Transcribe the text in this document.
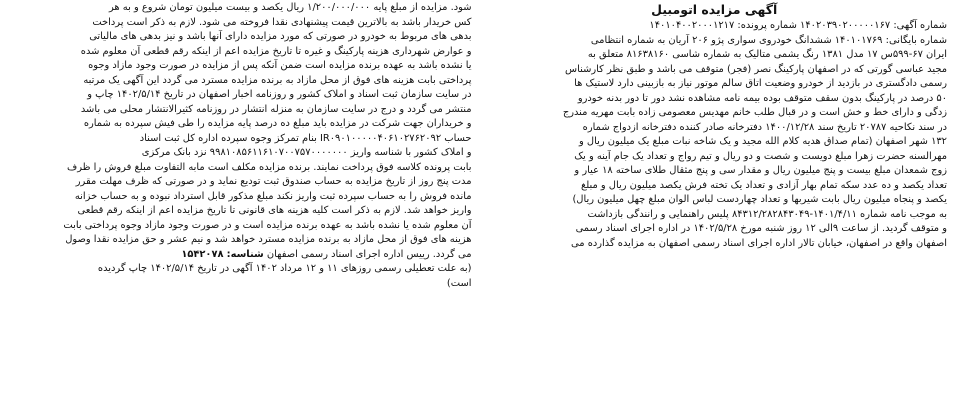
آگهی مزایده اتومبیل
شماره آگهی: ۱۴۰۲۰۳۹۰۲۰۰۰۰۰۱۶۷ شماره پرونده: ۱۴۰۱۰۴۰۰۲۰۰۰۱۲۱۷
شماره بایگانی: ۱۴۰۱۰۱۷۶۹ ششدانگ خودروی سواری پژو ۲۰۶ آریان به شماره انتظامی
ایران ۶۷-۵۹۹س ۱۷ مدل ۱۳۸۱ رنگ یشمی متالیک به شماره شاسی ۸۱۶۳۸۱۶۰ متعلق به
مجید عباسی گورتی که در اصفهان پارکینگ نصر (فجر) متوقف می باشد و طبق نظر کارشناس
رسمی دادگستری در بازدید از خودرو وضعیت اتاق سالم موتور نیاز به بازبینی دارد لاستیک ها
۵۰ درصد در پارکینگ بدون سقف متوقف بوده بیمه نامه مشاهده نشد دور تا دور بدنه خودرو
زدگی و دارای خط و خش است و در قبال طلب خانم مهدیس معصومی زاده بابت مهریه مندرج
در سند نکاحیه ۲۰۷۸۷ تاریخ سند ۱۴۰۰/۱۲/۲۸ دفترخانه صادر کننده دفترخانه ازدواج شماره
۱۳۲ شهر اصفهان (تمام صداق هدیه کلام الله مجید و یک شاخه نبات مبلغ یک میلیون ریال و
مهرالسنه حضرت زهرا مبلغ دویست و شصت و دو ریال و تیم رواج و تعداد یک جام آینه و یک
زوج شمعدان مبلغ بیست و پنج میلیون ریال و مقدار سی و پنج مثقال طلای ساخته ۱۸ عیار و
تعداد یکصد و ده عدد سکه تمام بهار آزادی و تعداد یک تخته فرش یکصد میلیون ریال و مبلغ
یکصد و پنجاه میلیون ریال بابت شیربها و تعداد چهاردست لباس الوان مبلغ چهل میلیون ریال)
به موجب نامه شماره ۱۴۰۱/۴/۱۱-۸۴۳۱۲/۲۸۲۸۴۳۰۴۹ پلیس راهنمایی و رانندگی بازداشت
و متوقف گردید. از ساعت ۹الی ۱۲ روز شنبه مورخ ۱۴۰۲/۵/۲۸ در اداره اجرای اسناد رسمی
اصفهان واقع در اصفهان، خیابان تالار اداره اجرای اسناد رسمی اصفهان به مزایده گذارده می
شود. مزایده از مبلغ پایه ۱/۲۰۰/۰۰۰/۰۰۰ ریال یکصد و بیست میلیون تومان شروع و به هر
کس خریدار باشد به بالاترین قیمت پیشنهادی نقدا فروخته می شود. لازم به ذکر است پرداخت
بدهی های مربوط به خودرو در صورتی که مورد مزایده دارای آنها باشد و نیز بدهی های مالیاتی
و عوارض شهرداری هزینه پارکینگ و غیره تا تاریخ مزایده اعم از اینکه رقم قطعی آن معلوم شده
یا نشده باشد به عهده برنده مزایده است ضمن آنکه پس از مزایده در صورت وجود مازاد وجوه
پرداختی بابت هزینه های فوق از محل مازاد به برنده مزایده مسترد می گردد این آگهی یک مرتبه
در سایت سازمان ثبت اسناد و املاک کشور و روزنامه اخبار اصفهان در تاریخ ۱۴۰۲/۵/۱۴ چاپ و
منتشر می گردد و درج در سایت سازمان به منزله انتشار در روزنامه کثیرالانتشار محلی می باشد
و خریداران جهت شرکت در مزایده باید مبلغ ده درصد پایه مزایده را طی فیش سپرده به شماره
حساب IR۰۹۰۱۰۰۰۰۰۴۰۶۱۰۲۷۶۲۰۹۲ بنام تمرکز وجوه سپرده اداره کل ثبت اسناد
و املاک کشور با شناسه واریز ۹۹۸۱۰۸۵۶۱۱۶۱۰۷۰۰۷۵۷۰۰۰۰۰۰۰ نزد بانک مرکزی
بابت پرونده کلاسه فوق پرداخت نمایند. برنده مزایده مکلف است مابه التفاوت مبلغ فروش را ظرف
مدت پنج روز از تاریخ مزایده به حساب صندوق ثبت تودیع نماید و در صورتی که ظرف مهلت مقرر
مانده فروش را به حساب سپرده ثبت واریز نکند مبلغ مذکور قابل استرداد نبوده و به حساب خزانه
واریز خواهد شد. لازم به ذکر است کلیه هزینه های قانونی تا تاریخ مزایده اعم از اینکه رقم قطعی
آن معلوم شده یا نشده باشد به عهده برنده مزایده است و در صورت وجود مازاد وجوه پرداختی بابت
هزینه های فوق از محل مازاد به برنده مزایده مسترد خواهد شد و نیم عشر و حق مزایده نقدا وصول
می گردد. رییس اداره اجرای اسناد رسمی اصفهان شناسه: ۱۵۴۲۰۷۸
(به علت تعطیلی رسمی روزهای ۱۱ و ۱۲ مرداد ۱۴۰۲ آگهی در تاریخ ۱۴۰۲/۵/۱۴ چاپ گردیده
است)
